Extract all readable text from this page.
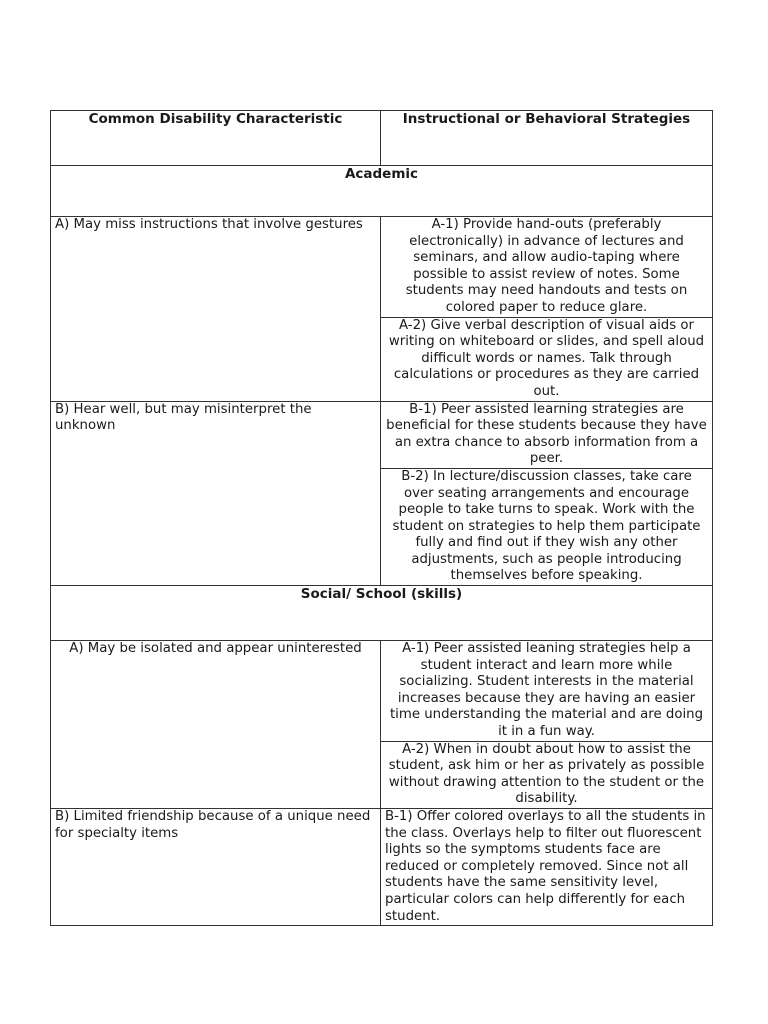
Common Disability Characteristic	Instructional or Behavioral Strategies
Academic	
A) May miss instructions that involve gestures	A-1) Provide hand-outs (preferably electronically) in advance of lectures and seminars, and allow audio-taping where possible to assist review of notes. Some students may need handouts and tests on colored paper to reduce glare.
	A-2) Give verbal description of visual aids or writing on whiteboard or slides, and spell aloud difficult words or names. Talk through calculations or procedures as they are carried out.
B) Hear well, but may misinterpret the unknown	B-1) Peer assisted learning strategies are beneficial for these students because they have an extra chance to absorb information from a peer.
	B-2) In lecture/discussion classes, take care over seating arrangements and encourage people to take turns to speak. Work with the student on strategies to help them participate fully and find out if they wish any other adjustments, such as people introducing themselves before speaking.
Social/ School (skills)	
A) May be isolated and appear uninterested	A-1) Peer assisted leaning strategies help a student interact and learn more while socializing. Student interests in the material increases because they are having an easier time understanding the material and are doing it in a fun way.
	A-2) When in doubt about how to assist the student, ask him or her as privately as possible without drawing attention to the student or the disability.
B) Limited friendship because of a unique need for specialty items	B-1) Offer colored overlays to all the students in the class. Overlays help to filter out fluorescent lights so the symptoms students face are reduced or completely removed. Since not all students have the same sensitivity level, particular colors can help differently for each student.
